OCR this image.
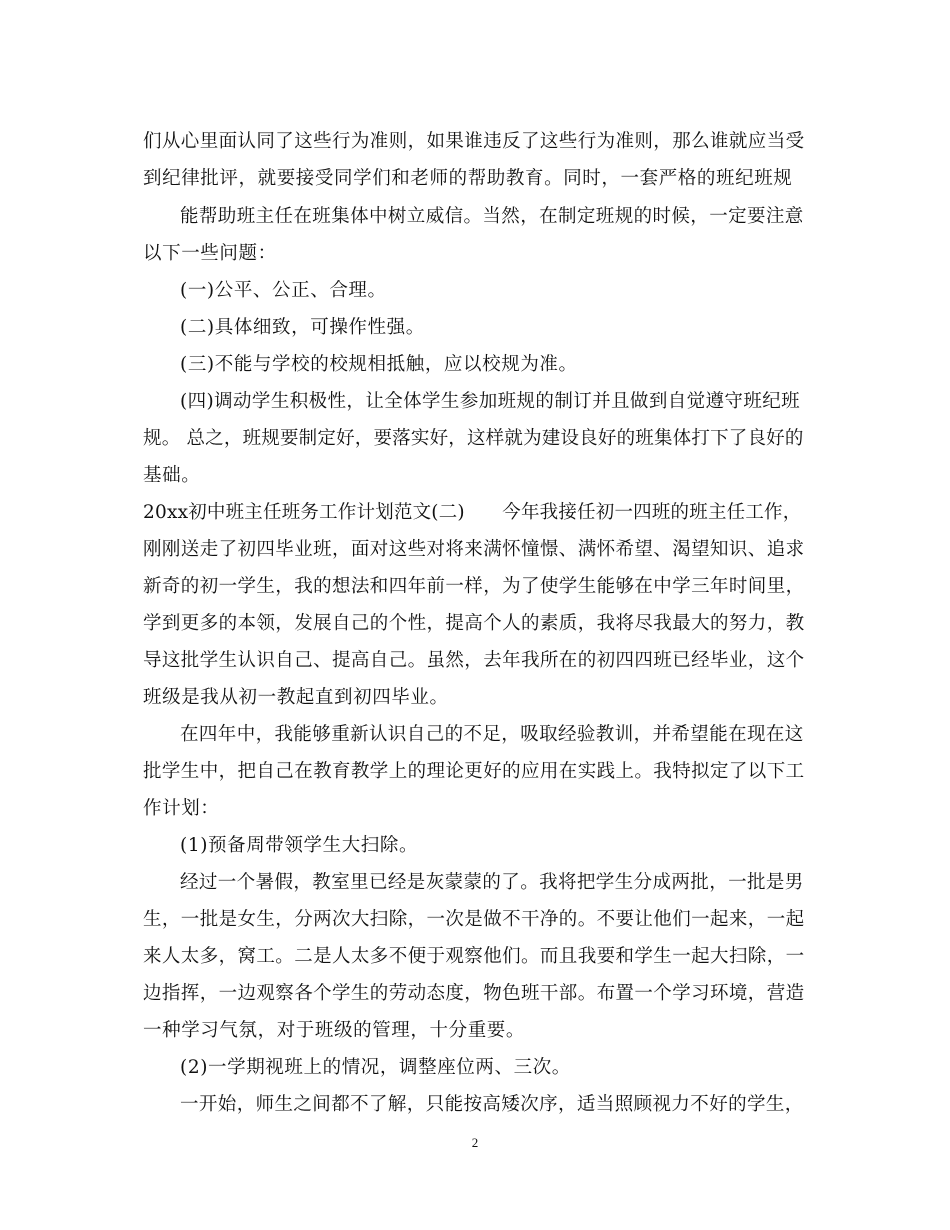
们从心里面认同了这些行为准则，如果谁违反了这些行为准则，那么谁就应当受
到纪律批评，就要接受同学们和老师的帮助教育。同时，一套严格的班纪班规
能帮助班主任在班集体中树立威信。当然，在制定班规的时候，一定要注意
以下一些问题：
(一)公平、公正、合理。
(二)具体细致，可操作性强。
(三)不能与学校的校规相抵触，应以校规为准。
(四)调动学生积极性，让全体学生参加班规的制订并且做到自觉遵守班纪班
规。 总之，班规要制定好，要落实好，这样就为建设良好的班集体打下了良好的
基础。
20xx初中班主任班务工作计划范文(二)　　今年我接任初一四班的班主任工作，
刚刚送走了初四毕业班，面对这些对将来满怀憧憬、满怀希望、渴望知识、追求
新奇的初一学生，我的想法和四年前一样，为了使学生能够在中学三年时间里，
学到更多的本领，发展自己的个性，提高个人的素质，我将尽我最大的努力，教
导这批学生认识自己、提高自己。虽然，去年我所在的初四四班已经毕业，这个
班级是我从初一教起直到初四毕业。
在四年中，我能够重新认识自己的不足，吸取经验教训，并希望能在现在这
批学生中，把自己在教育教学上的理论更好的应用在实践上。我特拟定了以下工
作计划：
(1)预备周带领学生大扫除。
经过一个暑假，教室里已经是灰蒙蒙的了。我将把学生分成两批，一批是男
生，一批是女生，分两次大扫除，一次是做不干净的。不要让他们一起来，一起
来人太多，窝工。二是人太多不便于观察他们。而且我要和学生一起大扫除，一
边指挥，一边观察各个学生的劳动态度，物色班干部。布置一个学习环境，营造
一种学习气氛，对于班级的管理，十分重要。
(2)一学期视班上的情况，调整座位两、三次。
一开始，师生之间都不了解，只能按高矮次序，适当照顾视力不好的学生，
2
